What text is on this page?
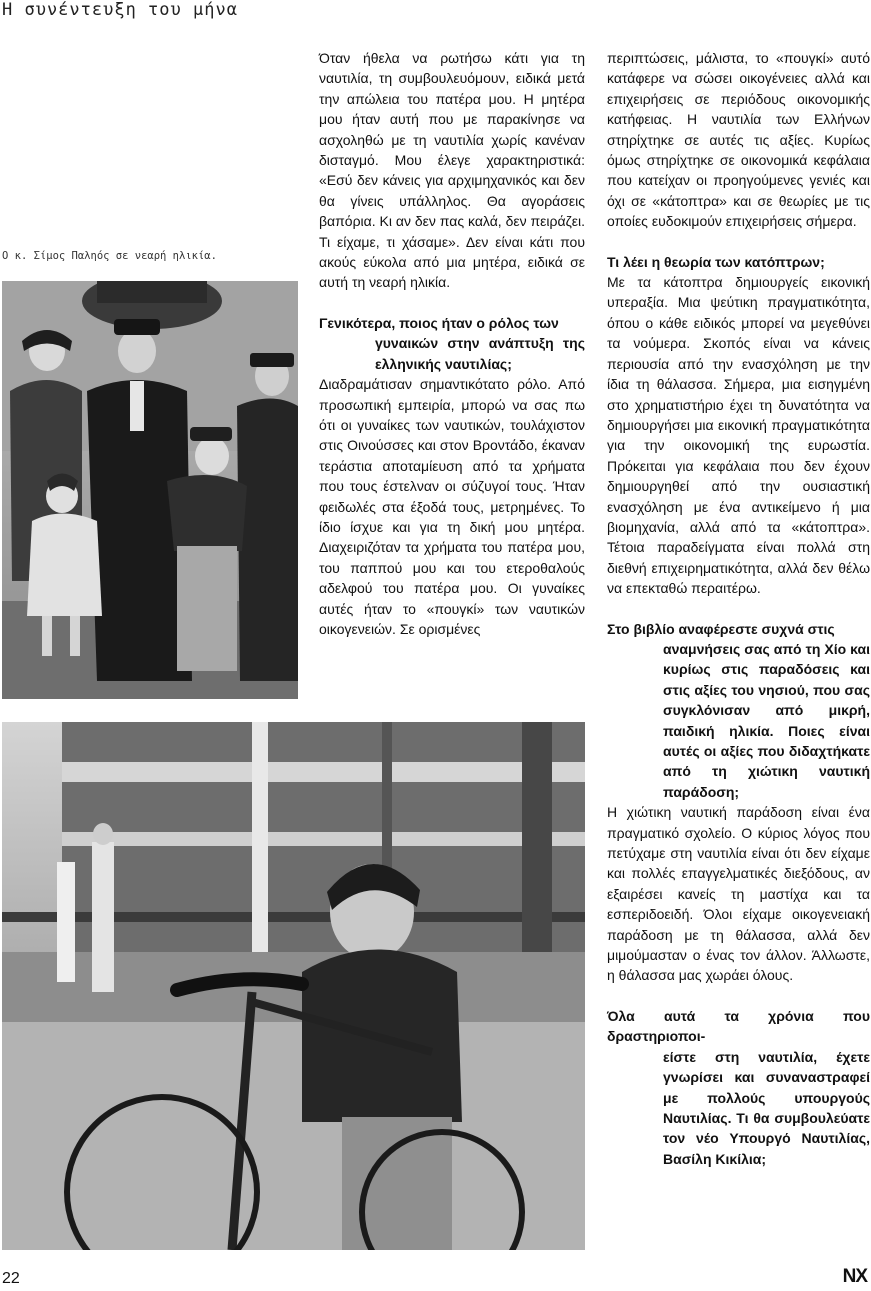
Η συνέντευξη του μήνα
Ο κ. Σίμος Παληός σε νεαρή ηλικία.

Όταν ήθελα να ρωτήσω κάτι για τη ναυτιλία, τη συμβουλευόμουν, ειδικά μετά την απώλεια του πατέρα μου. Η μητέρα μου ήταν αυτή που με παρακίνησε να ασχοληθώ με τη ναυτιλία χωρίς κανέναν δισταγμό. Μου έλεγε χαρακτηριστικά: «Εσύ δεν κάνεις για αρχιμηχανικός και δεν θα γίνεις υπάλληλος. Θα αγοράσεις βαπόρια. Κι αν δεν πας καλά, δεν πειράζει. Τι είχαμε, τι χάσαμε». Δεν είναι κάτι που ακούς εύκολα από μια μητέρα, ειδικά σε αυτή τη νεαρή ηλικία.

Γενικότερα, ποιος ήταν ο ρόλος των
γυναικών στην ανάπτυξη της ελληνικής ναυτιλίας;

Διαδραμάτισαν σημαντικότατο ρόλο. Από προσωπική εμπειρία, μπορώ να σας πω ότι οι γυναίκες των ναυτικών, τουλάχιστον στις Οινούσσες και στον Βροντάδο, έκαναν τεράστια αποταμίευση από τα χρήματα που τους έστελναν οι σύζυγοί τους. Ήταν φειδωλές στα έξοδά τους, μετρημένες. Το ίδιο ίσχυε και για τη δική μου μητέρα. Διαχειριζόταν τα χρήματα του πατέρα μου, του παππού μου και του ετεροθαλούς αδελφού του πατέρα μου. Οι γυναίκες αυτές ήταν το «πουγκί» των ναυτικών οικογενειών. Σε ορισμένες

περιπτώσεις, μάλιστα, το «πουγκί» αυτό κατάφερε να σώσει οικογένειες αλλά και επιχειρήσεις σε περιόδους οικονομικής κατήφειας. Η ναυτιλία των Ελλήνων στηρίχτηκε σε αυτές τις αξίες. Κυρίως όμως στηρίχτηκε σε οικονομικά κεφάλαια που κατείχαν οι προηγούμενες γενιές και όχι σε «κάτοπτρα» και σε θεωρίες με τις οποίες ευδοκιμούν επιχειρήσεις σήμερα.

Τι λέει η θεωρία των κατόπτρων;

Με τα κάτοπτρα δημιουργείς εικονική υπεραξία. Μια ψεύτικη πραγματικότητα, όπου ο κάθε ειδικός μπορεί να μεγεθύνει τα νούμερα. Σκοπός είναι να κάνεις περιουσία από την ενασχόληση με την ίδια τη θάλασσα. Σήμερα, μια εισηγμένη στο χρηματιστήριο έχει τη δυνατότητα να δημιουργήσει μια εικονική πραγματικότητα για την οικονομική της ευρωστία. Πρόκειται για κεφάλαια που δεν έχουν δημιουργηθεί από την ουσιαστική ενασχόληση με ένα αντικείμενο ή μια βιομηχανία, αλλά από τα «κάτοπτρα». Τέτοια παραδείγματα είναι πολλά στη διεθνή επιχειρηματικότητα, αλλά δεν θέλω να επεκταθώ περαιτέρω.

Στο βιβλίο αναφέρεστε συχνά στις
αναμνήσεις σας από τη Χίο και κυρίως στις παραδόσεις και στις αξίες του νησιού, που σας συγκλόνισαν από μικρή, παιδική ηλικία. Ποιες είναι αυτές οι αξίες που διδαχτήκατε από τη χιώτικη ναυτική παράδοση;

Η χιώτικη ναυτική παράδοση είναι ένα πραγματικό σχολείο. Ο κύριος λόγος που πετύχαμε στη ναυτιλία είναι ότι δεν είχαμε και πολλές επαγγελματικές διεξόδους, αν εξαιρέσει κανείς τη μαστίχα και τα εσπεριδοειδή. Όλοι είχαμε οικογενειακή παράδοση με τη θάλασσα, αλλά δεν μιμούμασταν ο ένας τον άλλον. Άλλωστε, η θάλασσα μας χωράει όλους.

Όλα αυτά τα χρόνια που δραστηριοποι-
είστε στη ναυτιλία, έχετε γνωρίσει και συναναστραφεί με πολλούς υπουργούς Ναυτιλίας. Τι θα συμβουλεύατε τον νέο Υπουργό Ναυτιλίας, Βασίλη Κικίλια;

22	NX
